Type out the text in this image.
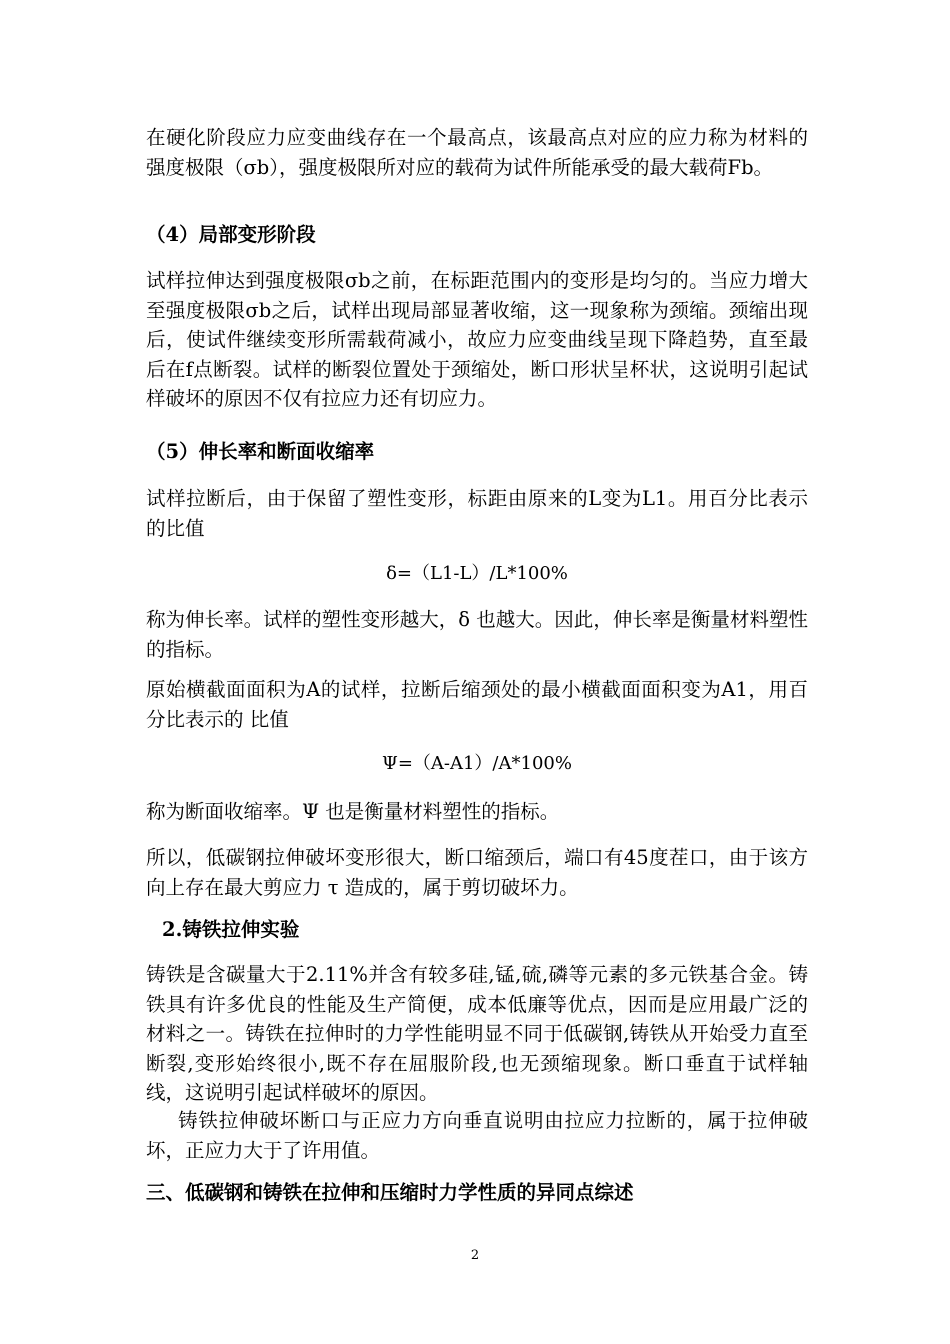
在硬化阶段应力应变曲线存在一个最高点，该最高点对应的应力称为材料的强度极限（σb），强度极限所对应的载荷为试件所能承受的最大载荷Fb。

（4）局部变形阶段

试样拉伸达到强度极限σb之前，在标距范围内的变形是均匀的。当应力增大至强度极限σb之后，试样出现局部显著收缩，这一现象称为颈缩。颈缩出现后，使试件继续变形所需载荷减小，故应力应变曲线呈现下降趋势，直至最后在f点断裂。试样的断裂位置处于颈缩处，断口形状呈杯状，这说明引起试样破坏的原因不仅有拉应力还有切应力。

（5）伸长率和断面收缩率

试样拉断后，由于保留了塑性变形，标距由原来的L变为L1。用百分比表示的比值

δ=（L1-L）/L*100%

称为伸长率。试样的塑性变形越大，δ 也越大。因此，伸长率是衡量材料塑性的指标。

原始横截面面积为A的试样，拉断后缩颈处的最小横截面面积变为A1，用百分比表示的 比值

Ψ=（A-A1）/A*100%

称为断面收缩率。Ψ 也是衡量材料塑性的指标。

所以，低碳钢拉伸破坏变形很大，断口缩颈后，端口有45度茬口，由于该方向上存在最大剪应力 τ 造成的，属于剪切破坏力。

2.铸铁拉伸实验

铸铁是含碳量大于2.11%并含有较多硅,锰,硫,磷等元素的多元铁基合金。铸铁具有许多优良的性能及生产简便，成本低廉等优点，因而是应用最广泛的材料之一。铸铁在拉伸时的力学性能明显不同于低碳钢,铸铁从开始受力直至断裂,变形始终很小,既不存在屈服阶段,也无颈缩现象。断口垂直于试样轴线，这说明引起试样破坏的原因。

铸铁拉伸破坏断口与正应力方向垂直说明由拉应力拉断的，属于拉伸破坏，正应力大于了许用值。

三、低碳钢和铸铁在拉伸和压缩时力学性质的异同点综述

2
